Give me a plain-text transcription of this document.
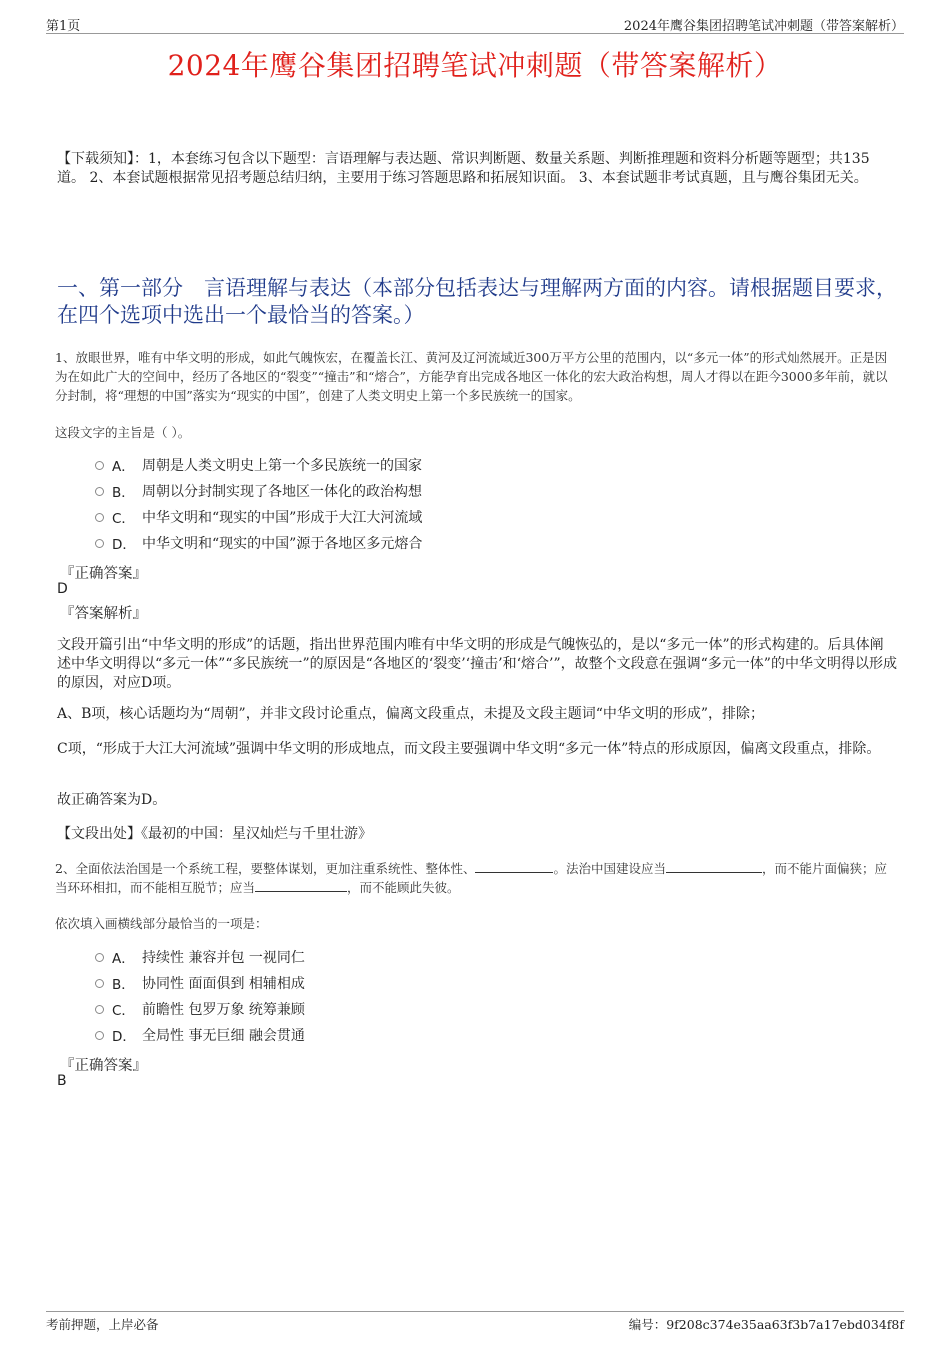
第1页	2024年鹰谷集团招聘笔试冲刺题（带答案解析）
2024年鹰谷集团招聘笔试冲刺题（带答案解析）
【下载须知】：1，本套练习包含以下题型：言语理解与表达题、常识判断题、数量关系题、判断推理题和资料分析题等题型；共135道。 2、本套试题根据常见招考题总结归纳，主要用于练习答题思路和拓展知识面。 3、本套试题非考试真题，且与鹰谷集团无关。
一、第一部分　言语理解与表达（本部分包括表达与理解两方面的内容。请根据题目要求，在四个选项中选出一个最恰当的答案。）
1、放眼世界，唯有中华文明的形成，如此气魄恢宏，在覆盖长江、黄河及辽河流域近300万平方公里的范围内，以“多元一体”的形式灿然展开。正是因为在如此广大的空间中，经历了各地区的“裂变”“撞击”和“熔合”，方能孕育出完成各地区一体化的宏大政治构想，周人才得以在距今3000多年前，就以分封制，将“理想的中国”落实为“现实的中国”，创建了人类文明史上第一个多民族统一的国家。
这段文字的主旨是（ ）。
A． 周朝是人类文明史上第一个多民族统一的国家
B． 周朝以分封制实现了各地区一体化的政治构想
C． 中华文明和“现实的中国”形成于大江大河流域
D． 中华文明和“现实的中国”源于各地区多元熔合
『正确答案』
D
『答案解析』
文段开篇引出“中华文明的形成”的话题，指出世界范围内唯有中华文明的形成是气魄恢弘的，是以“多元一体”的形式构建的。后具体阐述中华文明得以“多元一体”“多民族统一”的原因是“各地区的‘裂变’‘撞击’和‘熔合’”，故整个文段意在强调“多元一体”的中华文明得以形成的原因，对应D项。
A、B项，核心话题均为“周朝”，并非文段讨论重点，偏离文段重点，未提及文段主题词“中华文明的形成”，排除；
C项，“形成于大江大河流域”强调中华文明的形成地点，而文段主要强调中华文明“多元一体”特点的形成原因，偏离文段重点，排除。
故正确答案为D。
【文段出处】《最初的中国：星汉灿烂与千里壮游》
2、全面依法治国是一个系统工程，要整体谋划，更加注重系统性、整体性、	。法治中国建设应当	，而不能片面偏狭；应当环环相扣，而不能相互脱节；应当	，而不能顾此失彼。
依次填入画横线部分最恰当的一项是：
A． 持续性 兼容并包 一视同仁
B． 协同性 面面俱到 相辅相成
C． 前瞻性 包罗万象 统筹兼顾
D． 全局性 事无巨细 融会贯通
『正确答案』
B
考前押题，上岸必备	编号：9f208c374e35aa63f3b7a17ebd034f8f
